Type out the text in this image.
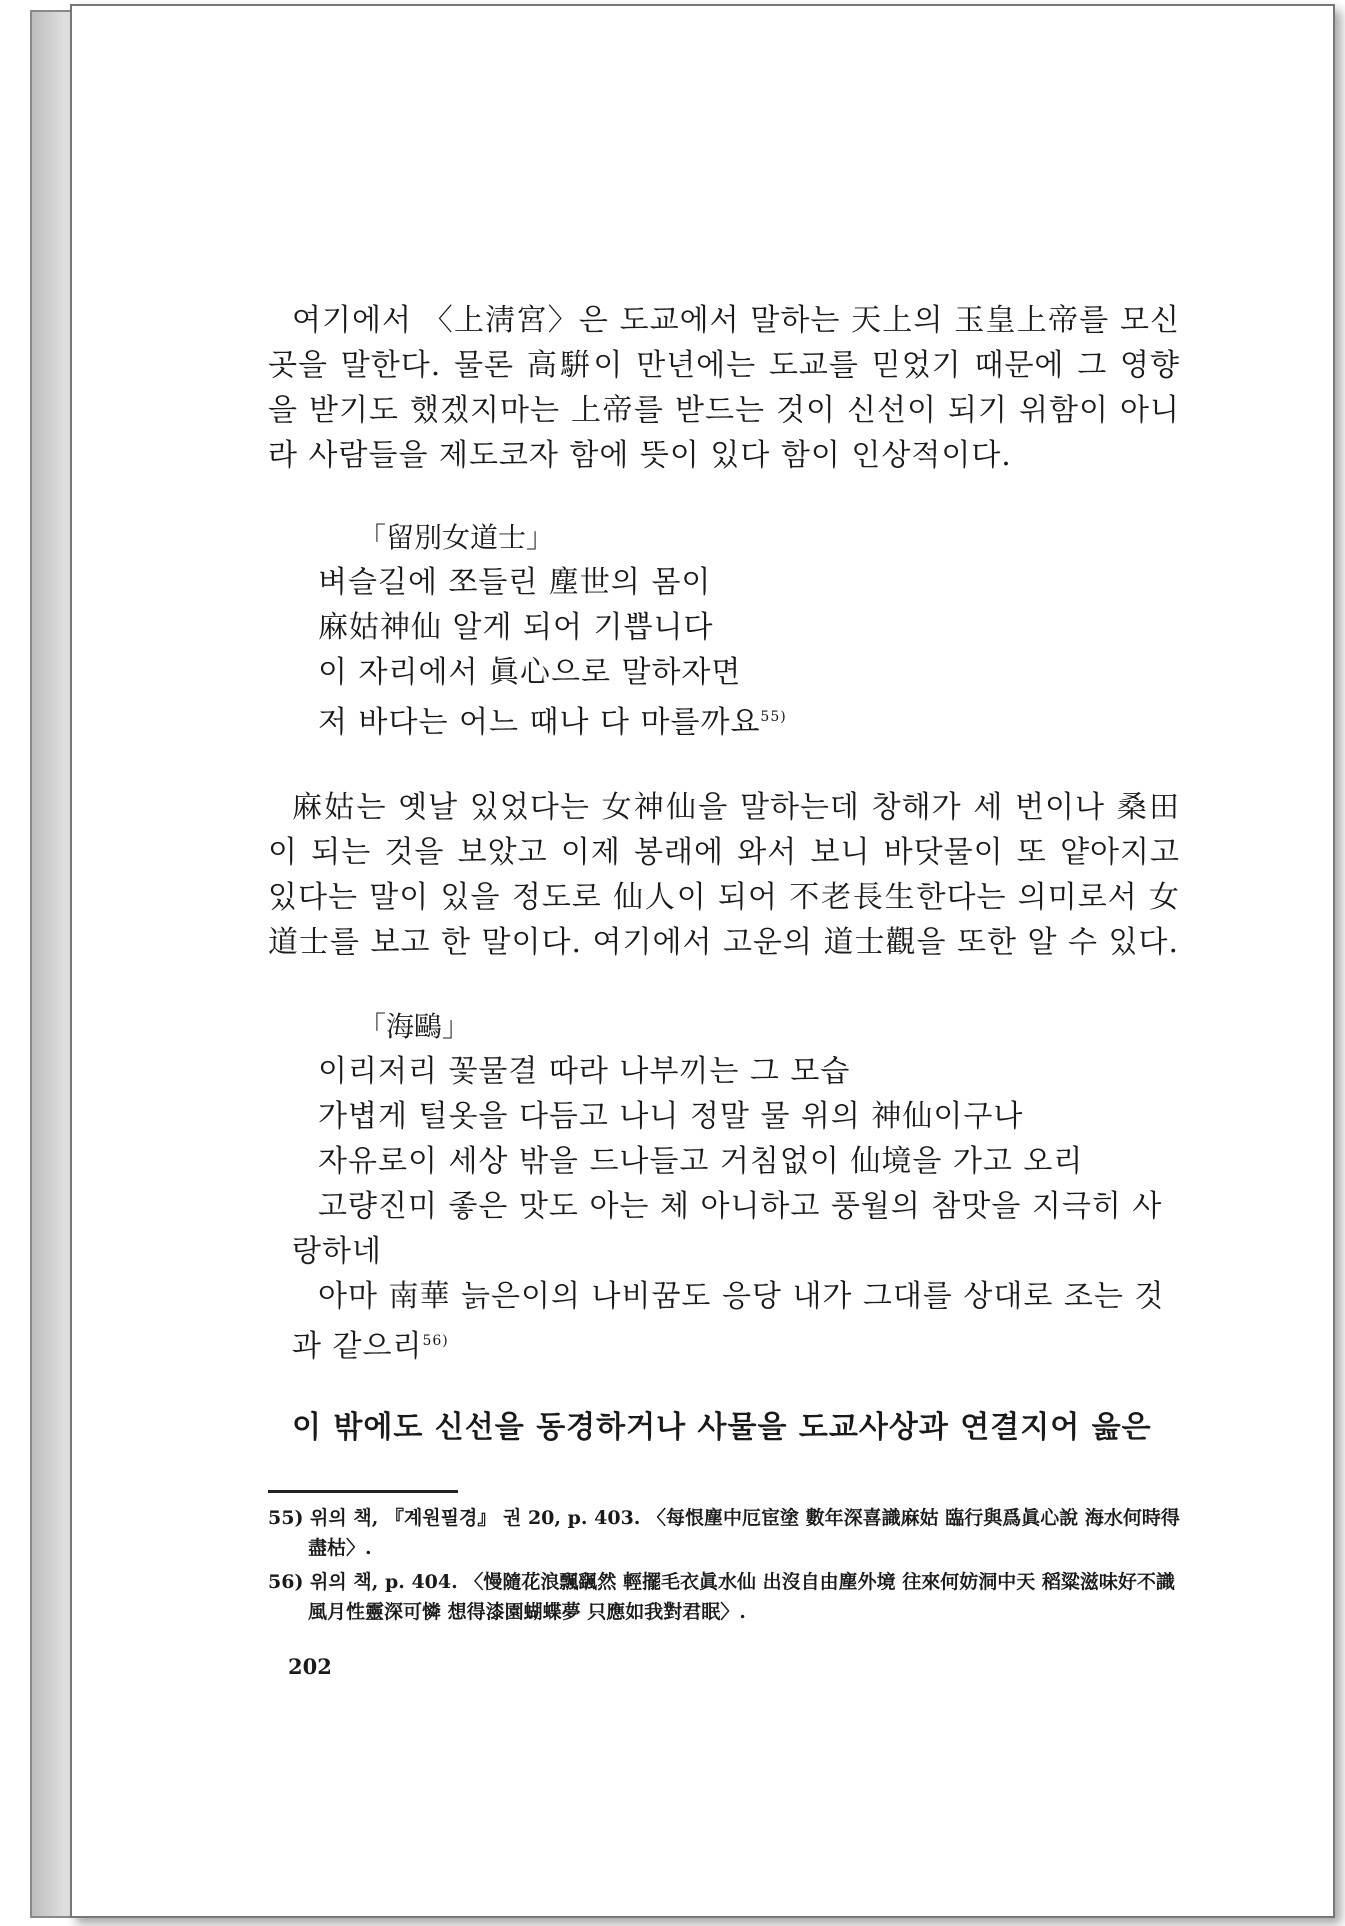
여기에서 〈上淸宮〉은 도교에서 말하는 天上의 玉皇上帝를 모신 곳을 말한다. 물론 高騈이 만년에는 도교를 믿었기 때문에 그 영향을 받기도 했겠지마는 上帝를 받드는 것이 신선이 되기 위함이 아니라 사람들을 제도코자 함에 뜻이 있다 함이 인상적이다.

「留別女道士」

벼슬길에 쪼들린 塵世의 몸이

麻姑神仙 알게 되어 기쁩니다

이 자리에서 眞心으로 말하자면

저 바다는 어느 때나 다 마를까요$^{55)}$

麻姑는 옛날 있었다는 女神仙을 말하는데 창해가 세 번이나 桑田이 되는 것을 보았고 이제 봉래에 와서 보니 바닷물이 또 얕아지고 있다는 말이 있을 정도로 仙人이 되어 不老長生한다는 의미로서 女道士를 보고 한 말이다. 여기에서 고운의 道士觀을 또한 알 수 있다.

「海鷗」

이리저리 꽃물결 따라 나부끼는 그 모습

가볍게 털옷을 다듬고 나니 정말 물 위의 神仙이구나

자유로이 세상 밖을 드나들고 거침없이 仙境을 가고 오리

고량진미 좋은 맛도 아는 체 아니하고 풍월의 참맛을 지극히 사랑하네

아마 南華 늙은이의 나비꿈도 응당 내가 그대를 상대로 조는 것과 같으리$^{56)}$

이 밖에도 신선을 동경하거나 사물을 도교사상과 연결지어 읊은

55) 위의 책, 『계원필경』 권 20, p. 403. 〈每恨塵中厄宦塗 數年深喜識麻姑 臨行與爲眞心說 海水何時得盡枯〉.

56) 위의 책, p. 404. 〈慢隨花浪飄颻然 輕擺毛衣眞水仙 出沒自由塵外境 往來何妨洞中天 稻粱滋味好不識 風月性靈深可憐 想得漆園蝴蝶夢 只應如我對君眠〉.

202
